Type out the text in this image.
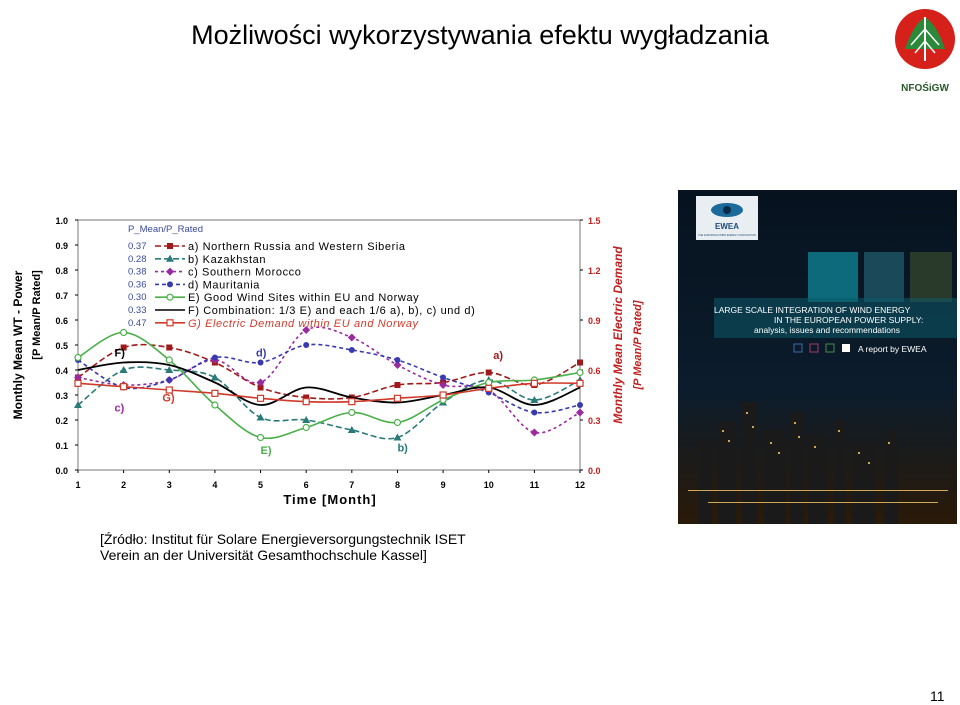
Możliwości wykorzystywania efektu wygładzania
NFOŚiGW
0.0
0.1
0.2
0.3
0.4
0.5
0.6
0.7
0.8
0.9
1.0
0.0
0.3
0.6
0.9
1.2
1.5
1	2	3	4	5	6	7	8	9	10	11	12
P_Mean/P_Rated
0.37	a) Northern Russia and Western Siberia
0.28	b) Kazakhstan
0.38	c) Southern Morocco
0.36	d) Mauritania
0.30	E) Good Wind Sites within EU and Norway
0.33	F) Combination: 1/3 E) and each 1/6 a), b), c) und d)
0.47	G) Electric Demand within EU and Norway
F)
c)
G)
d)
E)
a)
b)
Time [Month]
Monthly Mean WT - Power [P Mean/P Rated]	Monthly Mean Electric Demand [P Mean/P Rated]
EWEA
THE EUROPEAN WIND ENERGY ASSOCIATION
LARGE SCALE INTEGRATION OF WIND ENERGY
IN THE EUROPEAN POWER SUPPLY:
analysis, issues and recommendations
A report by EWEA
[Źródło: Institut für Solare Energieversorgungstechnik ISET
Verein an der Universität Gesamthochschule Kassel]
11
